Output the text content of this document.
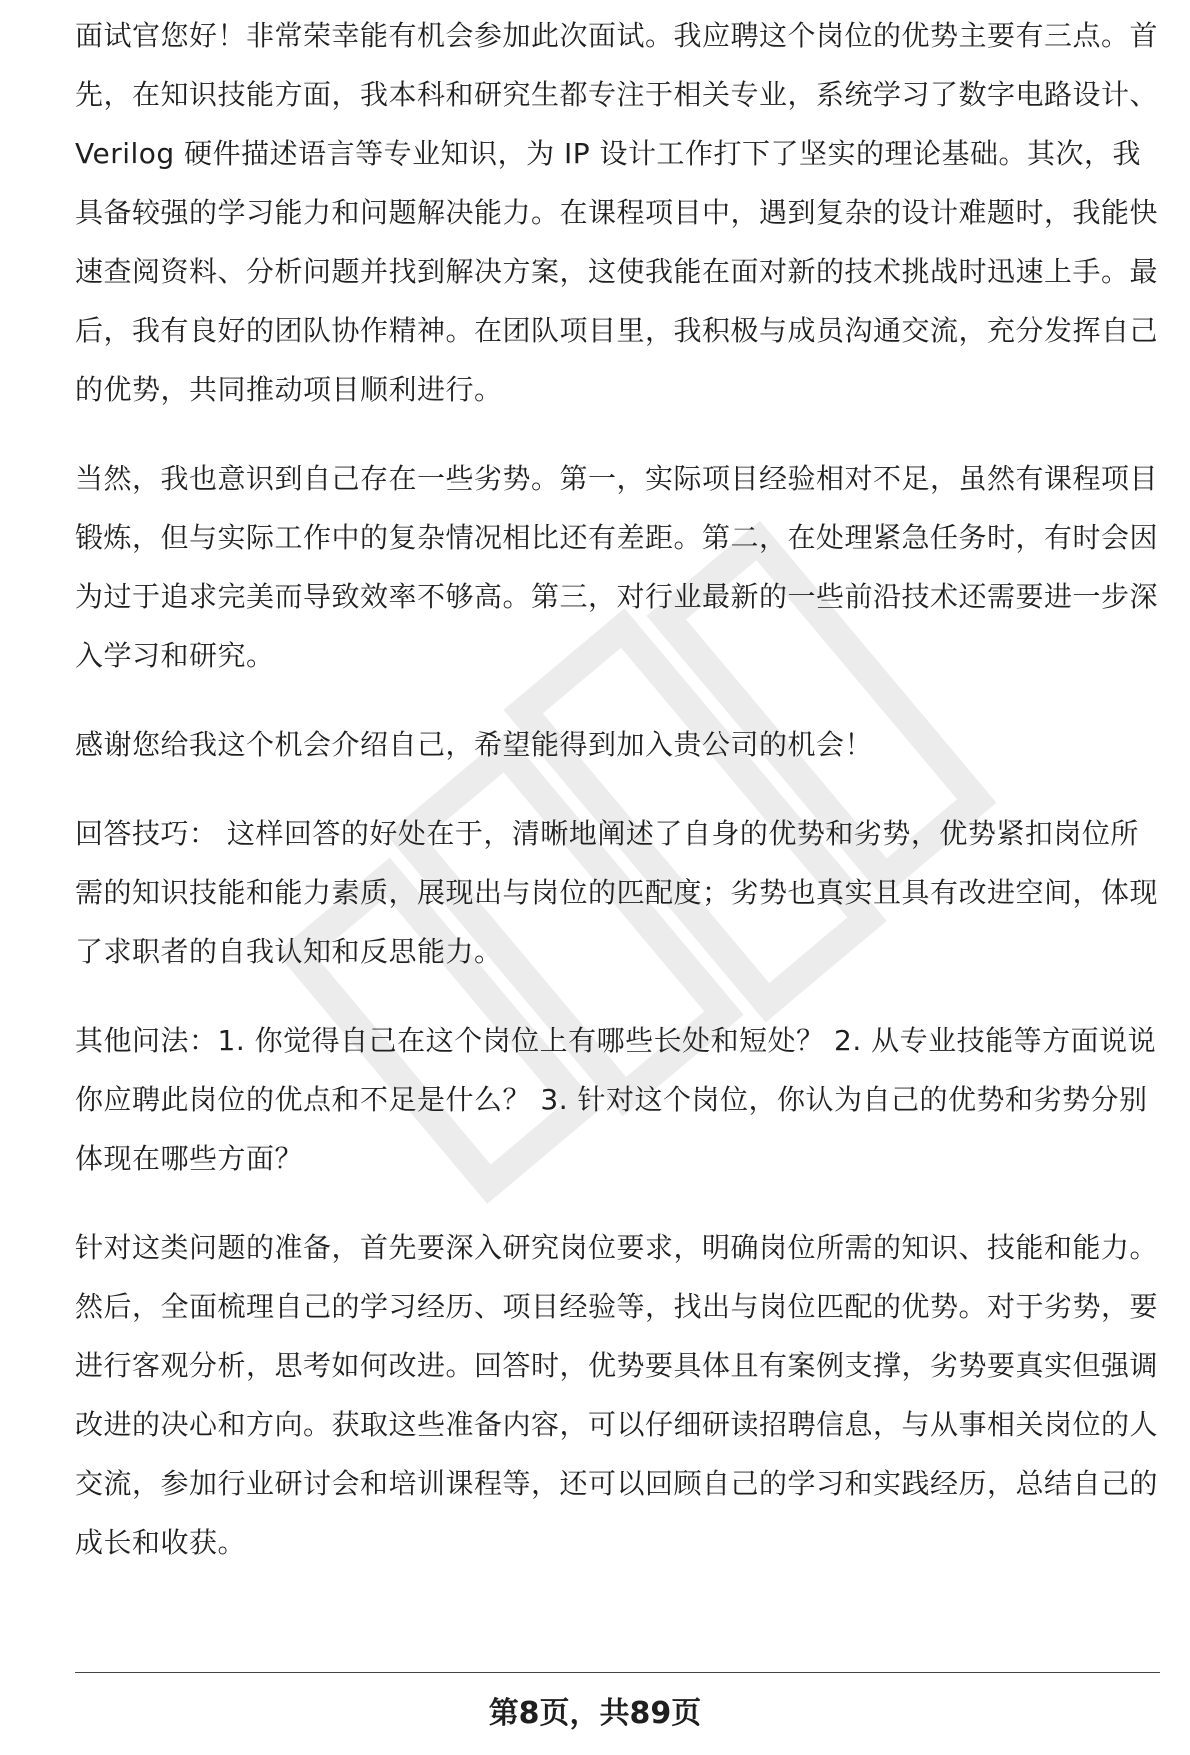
面试官您好！非常荣幸能有机会参加此次面试。我应聘这个岗位的优势主要有三点。首先，在知识技能方面，我本科和研究生都专注于相关专业，系统学习了数字电路设计、Verilog 硬件描述语言等专业知识，为 IP 设计工作打下了坚实的理论基础。其次，我具备较强的学习能力和问题解决能力。在课程项目中，遇到复杂的设计难题时，我能快速查阅资料、分析问题并找到解决方案，这使我能在面对新的技术挑战时迅速上手。最后，我有良好的团队协作精神。在团队项目里，我积极与成员沟通交流，充分发挥自己的优势，共同推动项目顺利进行。

当然，我也意识到自己存在一些劣势。第一，实际项目经验相对不足，虽然有课程项目锻炼，但与实际工作中的复杂情况相比还有差距。第二，在处理紧急任务时，有时会因为过于追求完美而导致效率不够高。第三，对行业最新的一些前沿技术还需要进一步深入学习和研究。

感谢您给我这个机会介绍自己，希望能得到加入贵公司的机会！

回答技巧： 这样回答的好处在于，清晰地阐述了自身的优势和劣势，优势紧扣岗位所需的知识技能和能力素质，展现出与岗位的匹配度；劣势也真实且具有改进空间，体现了求职者的自我认知和反思能力。

其他问法：1. 你觉得自己在这个岗位上有哪些长处和短处？ 2. 从专业技能等方面说说你应聘此岗位的优点和不足是什么？ 3. 针对这个岗位，你认为自己的优势和劣势分别体现在哪些方面？

针对这类问题的准备，首先要深入研究岗位要求，明确岗位所需的知识、技能和能力。然后，全面梳理自己的学习经历、项目经验等，找出与岗位匹配的优势。对于劣势，要进行客观分析，思考如何改进。回答时，优势要具体且有案例支撑，劣势要真实但强调改进的决心和方向。获取这些准备内容，可以仔细研读招聘信息，与从事相关岗位的人交流，参加行业研讨会和培训课程等，还可以回顾自己的学习和实践经历，总结自己的成长和收获。

第8页，共89页
